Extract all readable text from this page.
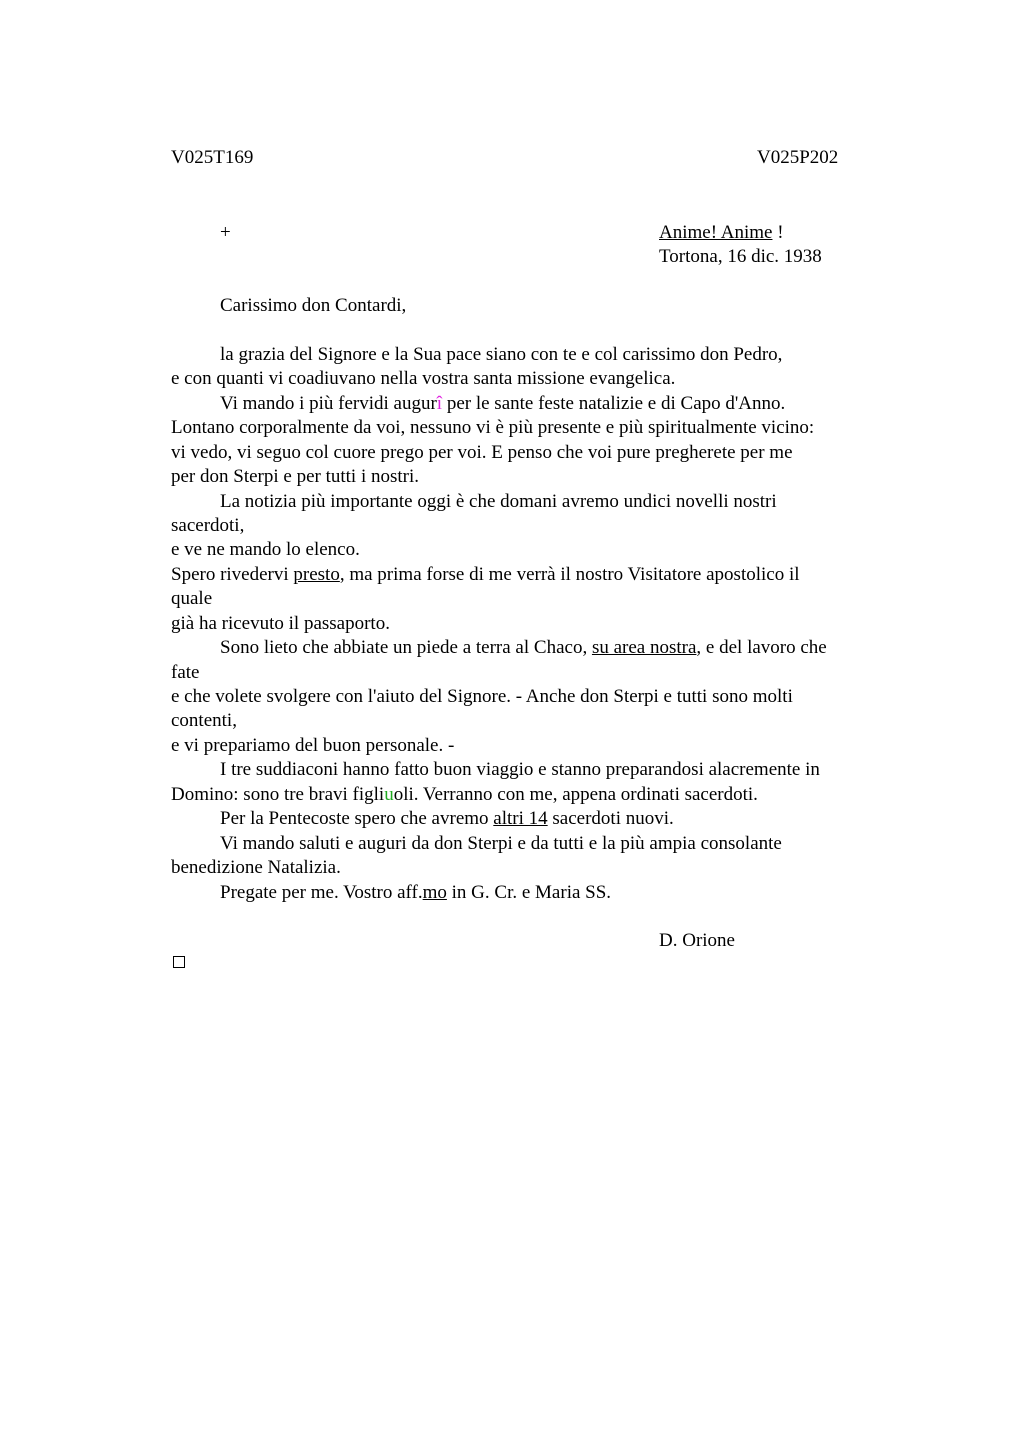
V025T169	V025P202
+	Anime! Anime !
Tortona, 16 dic. 1938
Carissimo don Contardi,
la grazia del Signore e la Sua pace siano con te e col carissimo don Pedro,
e con quanti vi coadiuvano nella vostra santa missione evangelica.
Vi mando i più fervidi augurî per le sante feste natalizie e di Capo d'Anno.
Lontano corporalmente da voi, nessuno vi è più presente e più spiritualmente vicino:
vi vedo, vi seguo col cuore prego per voi. E penso che voi pure pregherete per me
per don Sterpi e per tutti i nostri.
La notizia più importante oggi è che domani avremo undici novelli nostri
sacerdoti,
e ve ne mando lo elenco.
Spero rivedervi presto, ma prima forse di me verrà il nostro Visitatore apostolico il
quale
già ha ricevuto il passaporto.
Sono lieto che abbiate un piede a terra al Chaco, su area nostra, e del lavoro che
fate
e che volete svolgere con l'aiuto del Signore. - Anche don Sterpi e tutti sono molti
contenti,
e vi prepariamo del buon personale. -
I tre suddiaconi hanno fatto buon viaggio e stanno preparandosi alacremente in
Domino: sono tre bravi figliuoli. Verranno con me, appena ordinati sacerdoti.
Per la Pentecoste spero che avremo altri 14 sacerdoti nuovi.
Vi mando saluti e auguri da don Sterpi e da tutti e la più ampia consolante
benedizione Natalizia.
Pregate per me. Vostro aff.mo in G. Cr. e Maria SS.
D. Orione
